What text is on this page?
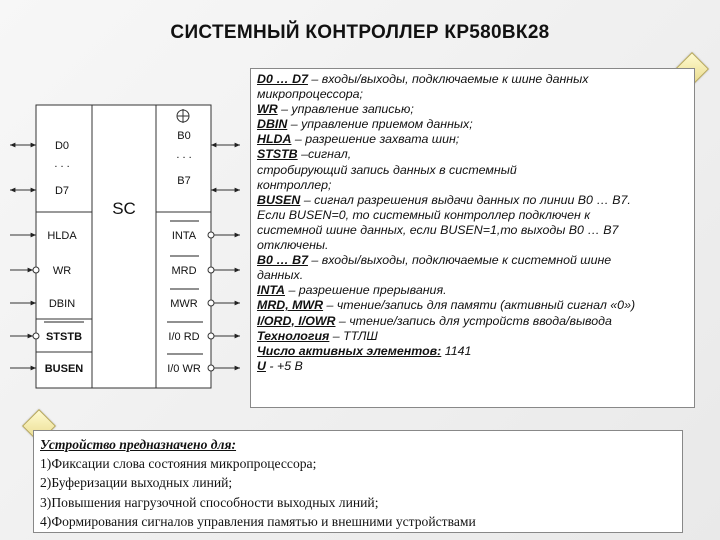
СИСТЕМНЫЙ КОНТРОЛЛЕР КР580ВК28
SC
D0
. . .
D7
HLDA
WR
DBIN
STSTB
BUSEN
B0
. . .
B7
INTA
MRD
MWR
I/0 RD
I/0 WR
D0 … D7 – входы/выходы, подключаемые к шине данных
микропроцессора;
WR – управление записью;
DBIN – управление приемом данных;
HLDA – разрешение захвата шин;
STSTB –сигнал,
стробирующий запись данных в системный
контроллер;
BUSEN – сигнал разрешения выдачи данных по линии В0 … В7.
Если BUSEN=0, то системный контроллер подключен к
системной шине данных, если BUSEN=1,то выходы В0 … В7
отключены.
В0 … В7 – входы/выходы, подключаемые к системной шине
данных.
INTA – разрешение прерывания.
MRD, MWR – чтение/запись для памяти (активный сигнал «0»)
I/ORD, I/OWR – чтение/запись для устройств ввода/вывода
Технология – ТТЛШ
Число активных элементов: 1141
U - +5 B
Устройство предназначено для:
1)Фиксации слова состояния микропроцессора;
2)Буферизации выходных линий;
3)Повышения нагрузочной способности выходных линий;
4)Формирования сигналов управления памятью и внешними устройствами
